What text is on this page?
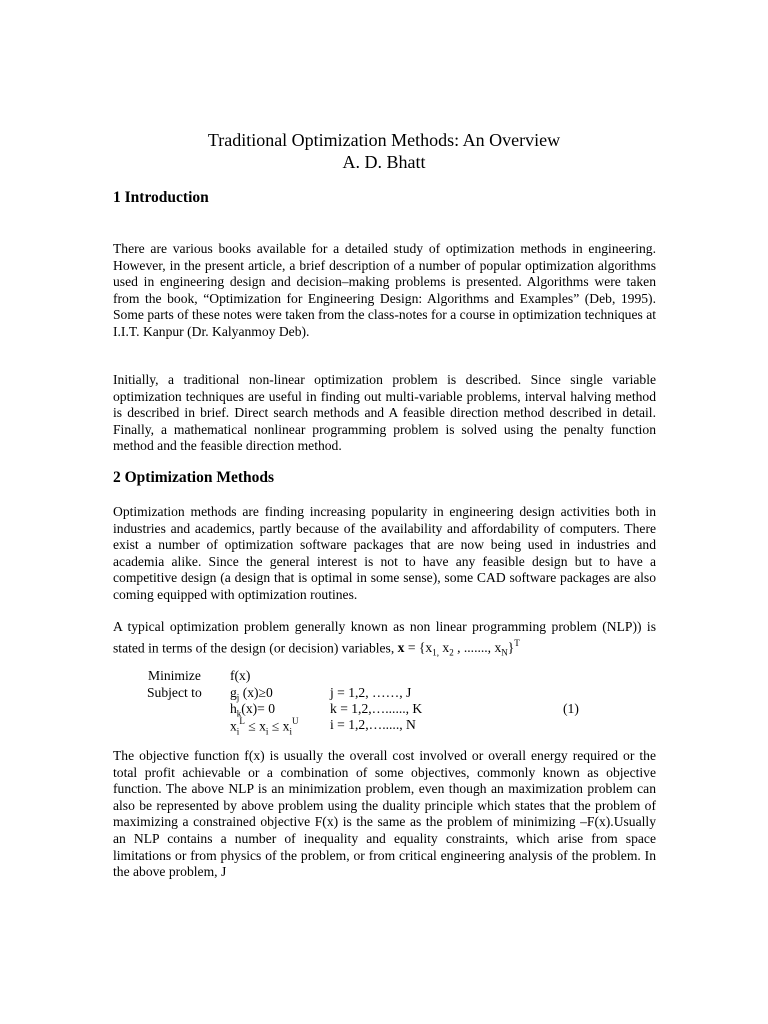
Traditional Optimization Methods: An Overview
A. D. Bhatt
1 Introduction

There are various books available for a detailed study of optimization methods in engineering. However, in the present article, a brief description of a number of popular optimization algorithms used in engineering design and decision–making problems is presented. Algorithms were taken from the book, “Optimization for Engineering Design: Algorithms and Examples” (Deb, 1995). Some parts of these notes were taken from the class-notes for a course in optimization techniques at I.I.T. Kanpur (Dr. Kalyanmoy Deb).

Initially, a traditional non-linear optimization problem is described. Since single variable optimization techniques are useful in finding out multi-variable problems, interval halving method is described in brief. Direct search methods and A feasible direction method described in detail. Finally, a mathematical nonlinear programming problem is solved using the penalty function method and the feasible direction method.

2 Optimization Methods

Optimization methods are finding increasing popularity in engineering design activities both in industries and academics, partly because of the availability and affordability of computers. There exist a number of optimization software packages that are now being used in industries and academia alike. Since the general interest is not to have any feasible design but to have a competitive design (a design that is optimal in some sense), some CAD software packages are also coming equipped with optimization routines.

A typical optimization problem generally known as non linear programming problem (NLP)) is stated in terms of the design (or decision) variables, $x = \{x_{1,}$ $x_2$ , ......., $x_N\}^T$

Minimize f(x)
Subject to $g_j$ (x)≥0	j = 1,2, ……, J
$h_k(x)= 0$	k = 1,2,…......, K	(1)
$x_i^L \le x_i \le x_i^U$ i = 1,2,…....., N

The objective function f(x) is usually the overall cost involved or overall energy required or the total profit achievable or a combination of some objectives, commonly known as objective function. The above NLP is an minimization problem, even though an maximization problem can also be represented by above problem using the duality principle which states that the problem of maximizing a constrained objective F(x) is the same as the problem of minimizing –F(x).Usually an NLP contains a number of inequality and equality constraints, which arise from space limitations or from physics of the problem, or from critical engineering analysis of the problem. In the above problem, J
